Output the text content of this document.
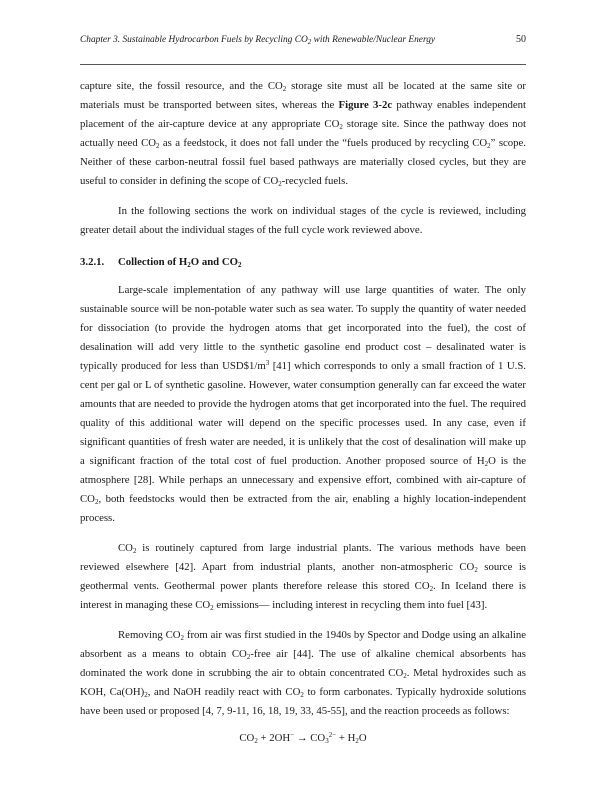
Chapter 3. Sustainable Hydrocarbon Fuels by Recycling $CO_2$ with Renewable/Nuclear Energy	50

capture site, the fossil resource, and the $CO_2$ storage site must all be located at the same site or materials must be transported between sites, whereas the Figure 3-2c pathway enables independent placement of the air-capture device at any appropriate $CO_2$ storage site. Since the pathway does not actually need $CO_2$ as a feedstock, it does not fall under the “fuels produced by recycling $CO_2$” scope. Neither of these carbon-neutral fossil fuel based pathways are materially closed cycles, but they are useful to consider in defining the scope of $CO_2$-recycled fuels.

In the following sections the work on individual stages of the cycle is reviewed, including greater detail about the individual stages of the full cycle work reviewed above.

3.2.1. Collection of $H_2O$ and $CO_2$

Large-scale implementation of any pathway will use large quantities of water. The only sustainable source will be non-potable water such as sea water. To supply the quantity of water needed for dissociation (to provide the hydrogen atoms that get incorporated into the fuel), the cost of desalination will add very little to the synthetic gasoline end product cost – desalinated water is typically produced for less than $USD\$1/m^3$ [41] which corresponds to only a small fraction of 1 U.S. cent per gal or L of synthetic gasoline. However, water consumption generally can far exceed the water amounts that are needed to provide the hydrogen atoms that get incorporated into the fuel. The required quality of this additional water will depend on the specific processes used. In any case, even if significant quantities of fresh water are needed, it is unlikely that the cost of desalination will make up a significant fraction of the total cost of fuel production. Another proposed source of $H_2O$ is the atmosphere [28]. While perhaps an unnecessary and expensive effort, combined with air-capture of $CO_2$, both feedstocks would then be extracted from the air, enabling a highly location-independent process.

$CO_2$ is routinely captured from large industrial plants. The various methods have been reviewed elsewhere [42]. Apart from industrial plants, another non-atmospheric $CO_2$ source is geothermal vents. Geothermal power plants therefore release this stored $CO_2$. In Iceland there is interest in managing these $CO_2$ emissions— including interest in recycling them into fuel [43].

Removing $CO_2$ from air was first studied in the 1940s by Spector and Dodge using an alkaline absorbent as a means to obtain $CO_2$-free air [44]. The use of alkaline chemical absorbents has dominated the work done in scrubbing the air to obtain concentrated $CO_2$. Metal hydroxides such as KOH, $Ca(OH)_2$, and NaOH readily react with $CO_2$ to form carbonates. Typically hydroxide solutions have been used or proposed [4, 7, 9-11, 16, 18, 19, 33, 45-55], and the reaction proceeds as follows:

$CO_2 + 2OH^- \to CO_3^{2-} + H_2O$
